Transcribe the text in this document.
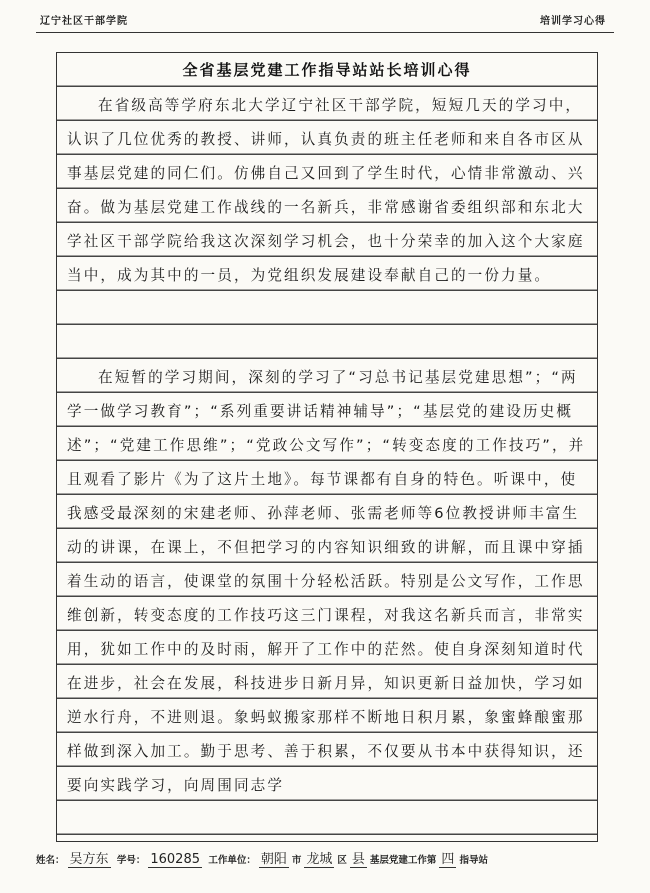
辽宁社区干部学院	培训学习心得
全省基层党建工作指导站站长培训心得
在省级高等学府东北大学辽宁社区干部学院，短短几天的学习中，认识了几位优秀的教授、讲师，认真负责的班主任老师和来自各市区从事基层党建的同仁们。仿佛自己又回到了学生时代，心情非常激动、兴奋。做为基层党建工作战线的一名新兵，非常感谢省委组织部和东北大学社区干部学院给我这次深刻学习机会，也十分荣幸的加入这个大家庭当中，成为其中的一员，为党组织发展建设奉献自己的一份力量。
在短暂的学习期间，深刻的学习了“习总书记基层党建思想”；“两学一做学习教育”；“系列重要讲话精神辅导”；“基层党的建设历史概述”；“党建工作思维”；“党政公文写作”；“转变态度的工作技巧”，并且观看了影片《为了这片土地》。每节课都有自身的特色。听课中，使我感受最深刻的宋建老师、孙萍老师、张需老师等6位教授讲师丰富生动的讲课，在课上，不但把学习的内容知识细致的讲解，而且课中穿插着生动的语言，使课堂的氛围十分轻松活跃。特别是公文写作，工作思维创新，转变态度的工作技巧这三门课程，对我这名新兵而言，非常实用，犹如工作中的及时雨，解开了工作中的茫然。使自身深刻知道时代在进步，社会在发展，科技进步日新月异，知识更新日益加快，学习如逆水行舟，不进则退。象蚂蚁搬家那样不断地日积月累，象蜜蜂酿蜜那样做到深入加工。勤于思考、善于积累，不仅要从书本中获得知识，还要向实践学习，向周围同志学
姓名： 吴方东 学号： 160285 工作单位： 朝阳 市 龙城 区 县 基层党建工作第 四 指导站
